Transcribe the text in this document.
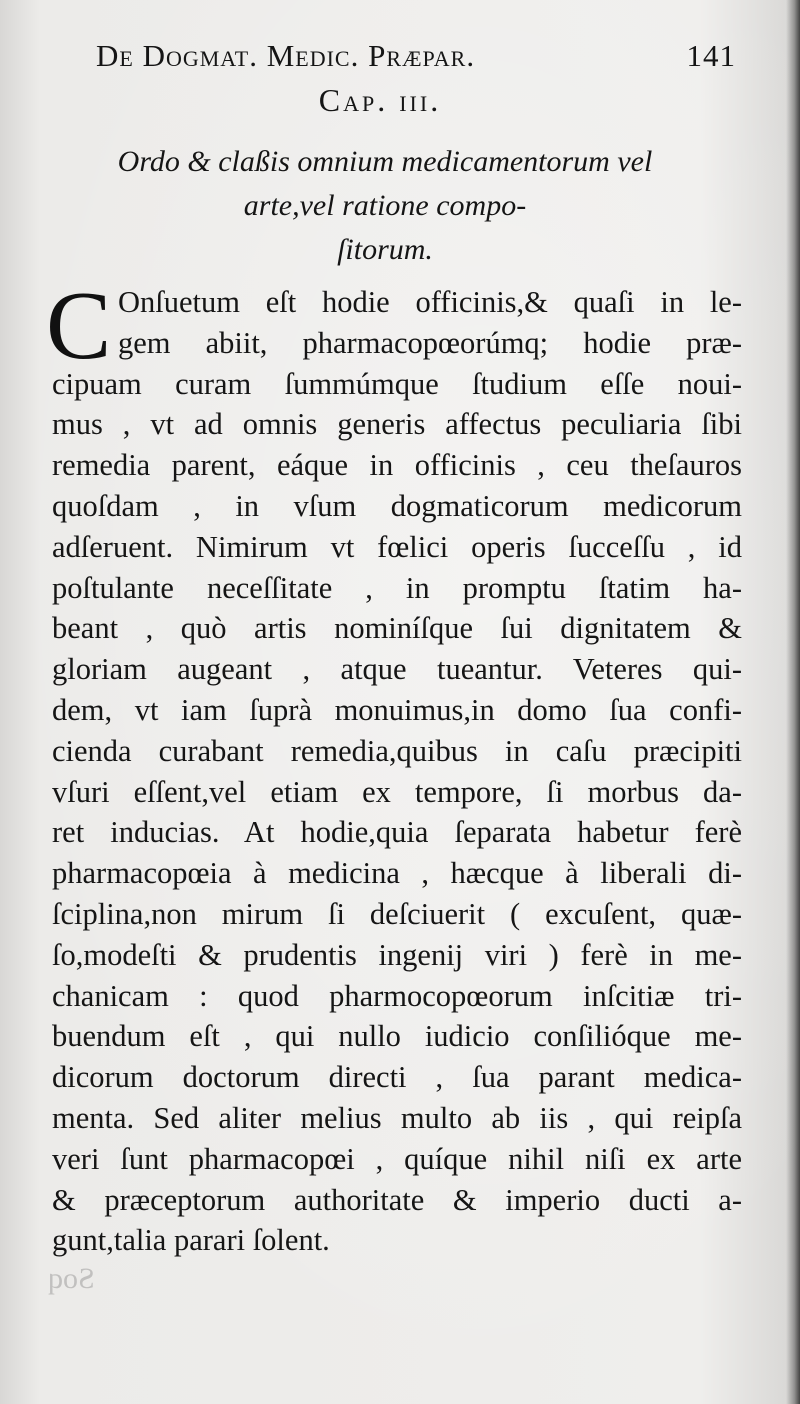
De Dogmat. Medic. Præpar.	141
Cap. iii.
Ordo & claßis omnium medicamentorum vel
arte,vel ratione compo-
ſitorum.
C Onſuetum eſt hodie officinis,& quaſi in le-
gem abiit, pharmacopœorúmq; hodie præ-
cipuam curam ſummúmque ſtudium eſſe noui-
mus , vt ad omnis generis affectus peculiaria ſibi
remedia parent, eáque in officinis , ceu theſauros
quoſdam , in vſum dogmaticorum medicorum
adſeruent. Nimirum vt fœlici operis ſucceſſu , id
poſtulante neceſſitate , in promptu ſtatim ha-
beant , quò artis nominíſque ſui dignitatem &
gloriam augeant , atque tueantur. Veteres qui-
dem, vt iam ſuprà monuimus,in domo ſua confi-
cienda curabant remedia,quibus in caſu præcipiti
vſuri eſſent,vel etiam ex tempore, ſi morbus da-
ret inducias. At hodie,quia ſeparata habetur ferè
pharmacopœia à medicina , hæcque à liberali di-
ſciplina,non mirum ſi deſciuerit ( excuſent, quæ-
ſo,modeſti & prudentis ingenij viri ) ferè in me-
chanicam : quod pharmocopœorum inſcitiæ tri-
buendum eſt , qui nullo iudicio conſilióque me-
dicorum doctorum directi , ſua parant medica-
menta. Sed aliter melius multo ab iis , qui reipſa
veri ſunt pharmacopœi , quíque nihil niſi ex arte
& præceptorum authoritate & imperio ducti a-
gunt,talia parari ſolent.
Soq
